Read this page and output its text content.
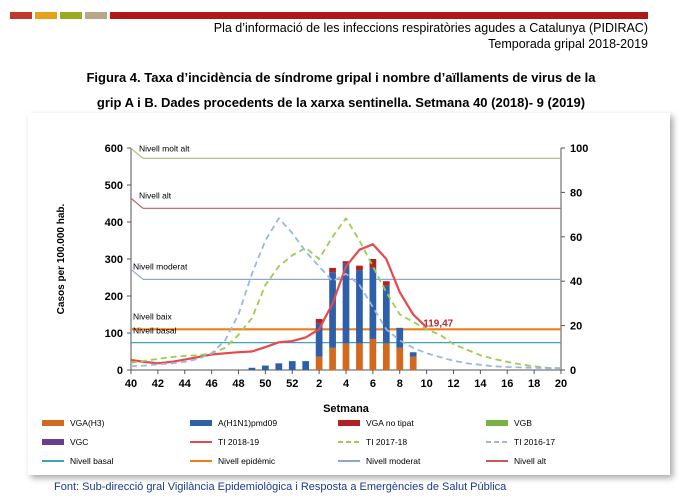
Pla d’informació de les infeccions respiratòries agudes a Catalunya (PIDIRAC)
Temporada gripal 2018-2019
Figura 4. Taxa d’incidència de síndrome gripal i nombre d’aïllaments de virus de la
grip A i B. Dades procedents de la xarxa sentinella. Setmana 40 (2018)- 9 (2019)
0
100
200
300
400
500
600
0
20
40
60
80
100
40 42 44 46 48 50 52 2 4 6 8 10 12 14 16 18 20
Setmana
Casos per 100.000 hab.
Nivell basal
Nivell baix
Nivell moderat
Nivell alt
Nivell molt alt
119,47
VGA(H3)	A(H1N1)pmd09	VGA no tipat	VGB
VGC	TI 2018-19	TI 2017-18	TI 2016-17
Nivell basal	Nivell epidèmic	Nivell moderat	Nivell alt
Font: Sub-direcció gral Vigilància Epidemiològica i Resposta a Emergències de Salut Pública
